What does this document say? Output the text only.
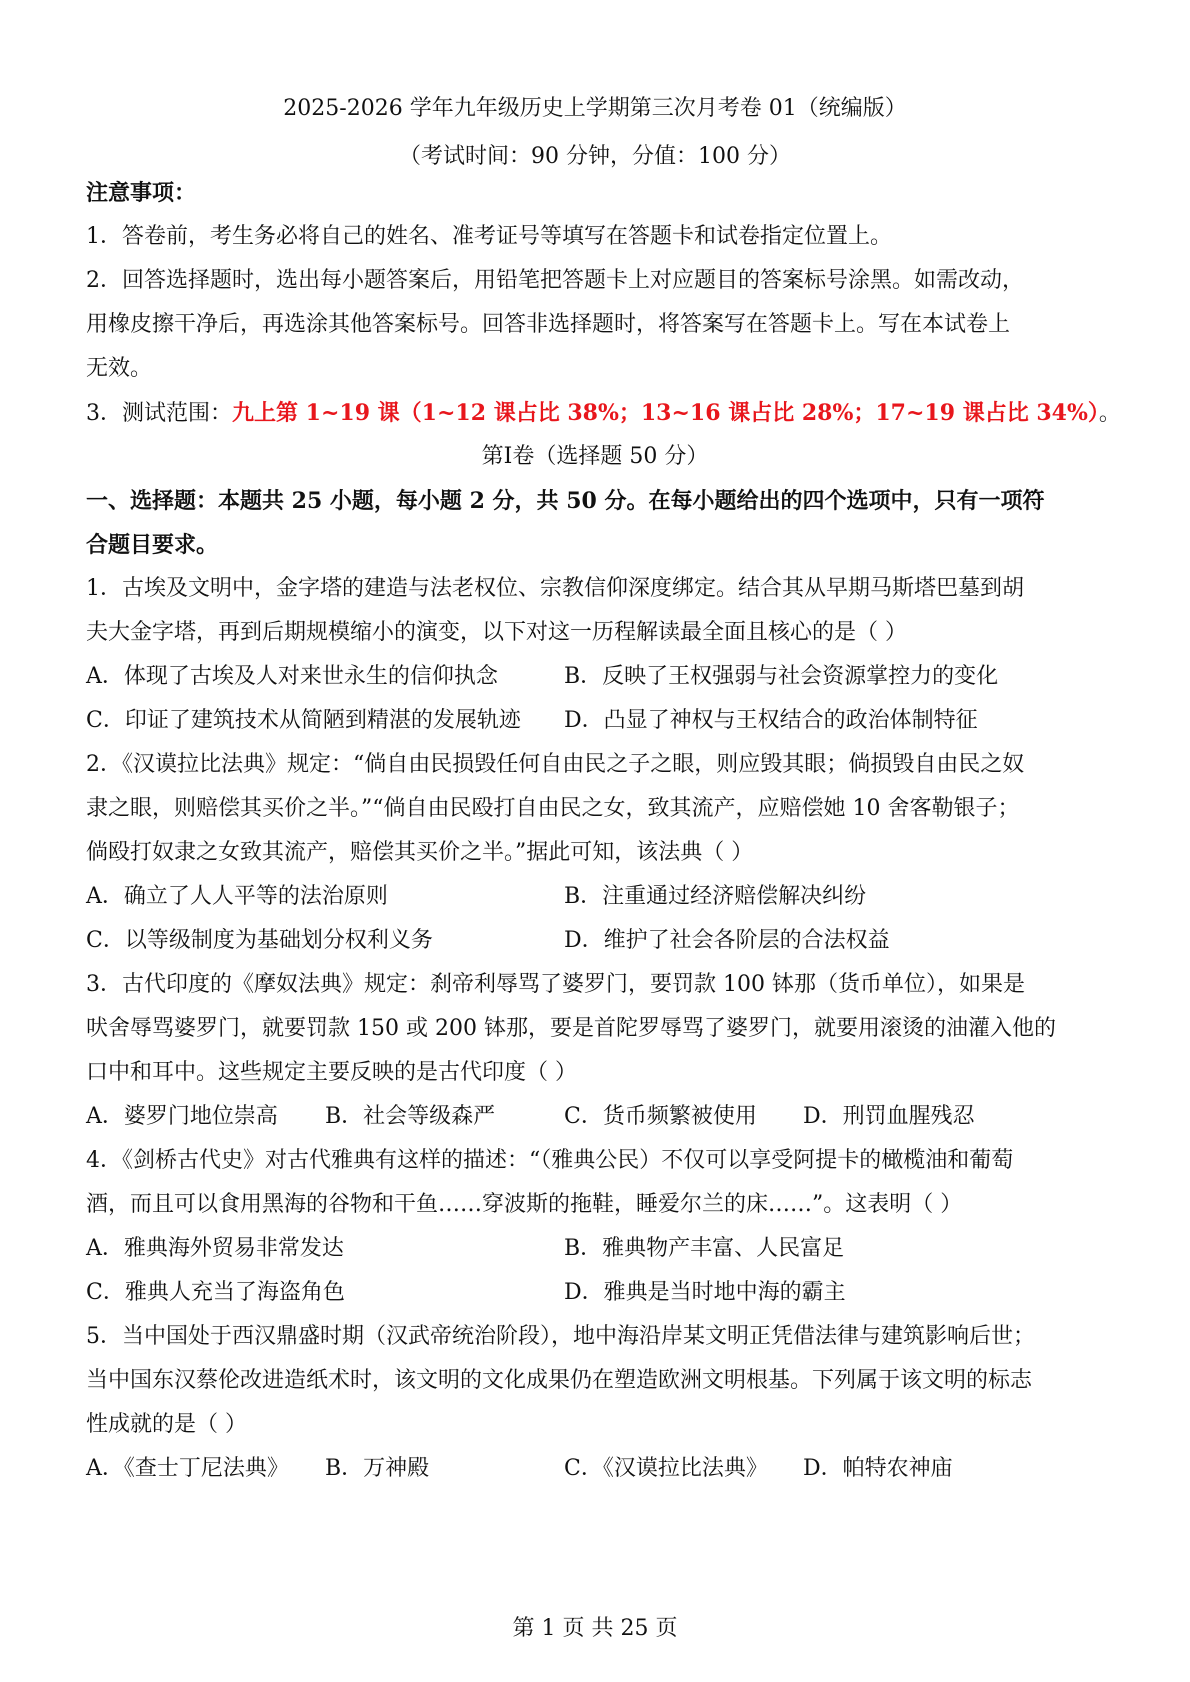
2025-2026 学年九年级历史上学期第三次月考卷 01（统编版）
（考试时间：90 分钟，分值：100 分）
注意事项：
1．答卷前，考生务必将自己的姓名、准考证号等填写在答题卡和试卷指定位置上。
2．回答选择题时，选出每小题答案后，用铅笔把答题卡上对应题目的答案标号涂黑。如需改动，
用橡皮擦干净后，再选涂其他答案标号。回答非选择题时，将答案写在答题卡上。写在本试卷上
无效。
3．测试范围：九上第 1~19 课（1~12 课占比 38%；13~16 课占比 28%；17~19 课占比 34%）。
第I卷（选择题 50 分）
一、选择题：本题共 25 小题，每小题 2 分，共 50 分。在每小题给出的四个选项中，只有一项符
合题目要求。
1．古埃及文明中，金字塔的建造与法老权位、宗教信仰深度绑定。结合其从早期马斯塔巴墓到胡
夫大金字塔，再到后期规模缩小的演变，以下对这一历程解读最全面且核心的是（ ）
A．体现了古埃及人对来世永生的信仰执念	B．反映了王权强弱与社会资源掌控力的变化
C．印证了建筑技术从简陋到精湛的发展轨迹 D．凸显了神权与王权结合的政治体制特征
2．《汉谟拉比法典》规定：“倘自由民损毁任何自由民之子之眼，则应毁其眼；倘损毁自由民之奴
隶之眼，则赔偿其买价之半。”“倘自由民殴打自由民之女，致其流产，应赔偿她 10 舍客勒银子；
倘殴打奴隶之女致其流产，赔偿其买价之半。”据此可知，该法典（ ）
A．确立了人人平等的法治原则	B．注重通过经济赔偿解决纠纷
C．以等级制度为基础划分权利义务	D．维护了社会各阶层的合法权益
3．古代印度的《摩奴法典》规定：刹帝利辱骂了婆罗门，要罚款 100 钵那（货币单位），如果是
吠舍辱骂婆罗门，就要罚款 150 或 200 钵那，要是首陀罗辱骂了婆罗门，就要用滚烫的油灌入他的
口中和耳中。这些规定主要反映的是古代印度（ ）
A．婆罗门地位崇高 B．社会等级森严	C．货币频繁被使用 D．刑罚血腥残忍
4．《剑桥古代史》对古代雅典有这样的描述：“（雅典公民）不仅可以享受阿提卡的橄榄油和葡萄
酒，而且可以食用黑海的谷物和干鱼……穿波斯的拖鞋，睡爱尔兰的床……”。这表明（ ）
A．雅典海外贸易非常发达	B．雅典物产丰富、人民富足
C．雅典人充当了海盗角色	D．雅典是当时地中海的霸主
5．当中国处于西汉鼎盛时期（汉武帝统治阶段），地中海沿岸某文明正凭借法律与建筑影响后世；
当中国东汉蔡伦改进造纸术时，该文明的文化成果仍在塑造欧洲文明根基。下列属于该文明的标志
性成就的是（ ）
A．《查士丁尼法典》 B．万神殿	C．《汉谟拉比法典》 D．帕特农神庙
第 1 页 共 25 页
